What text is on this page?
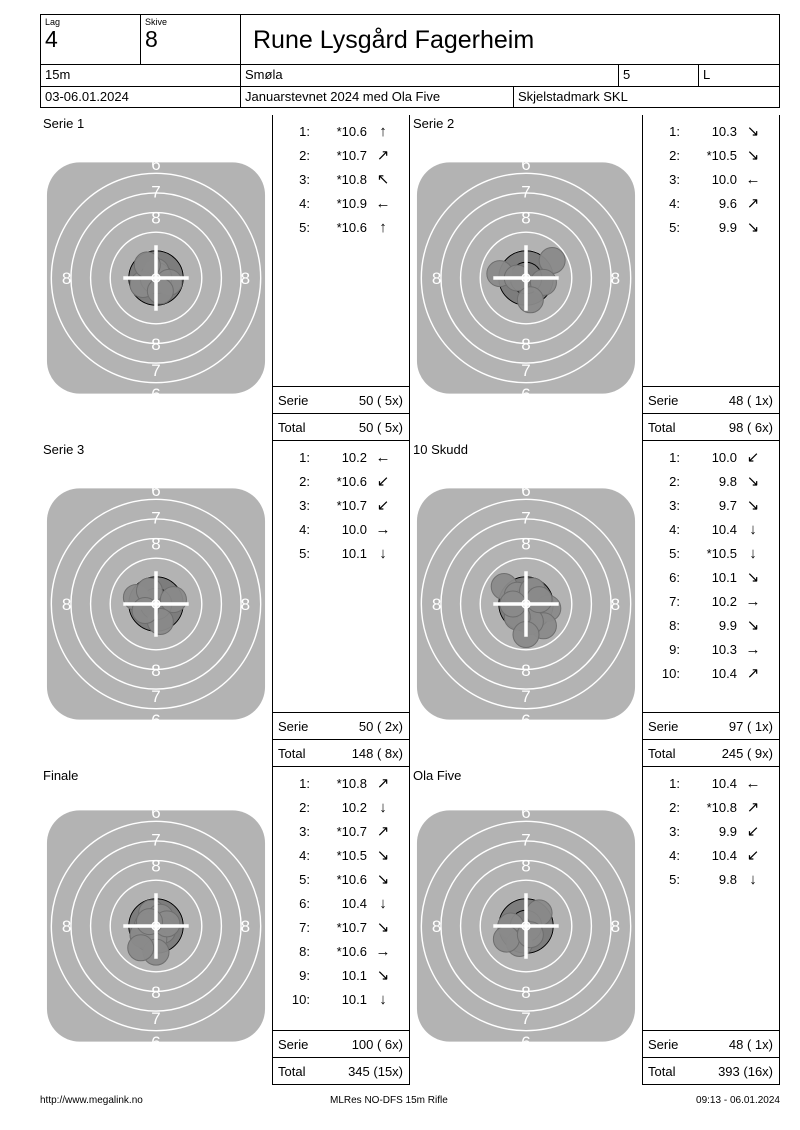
Lag
4
Skive
8	Rune Lysgård Fagerheim
15m	Smøla	5	L
03-06.01.2024	Januarstevnet 2024 med Ola Five	Skjelstadmark SKL
6
7
8
8	8
8
7
6
Serie 1	1:	*10.6 ↑
2:	*10.7 ↗
3:	*10.8 ↖
4:	*10.9 ←
5:	*10.6 ↑
Serie	50 ( 5x)
Total	50 ( 5x)
6
7
8
8	8
8
7
6
Serie 2	1:	10.3 ↘
2:	*10.5 ↘
3:	10.0 ←
4:	9.6 ↗
5:	9.9 ↘
Serie	48 ( 1x)
Total	98 ( 6x)
6
7
8
8	8
8
7
6
Serie 3	1:	10.2 ←
2:	*10.6 ↙
3:	*10.7 ↙
4:	10.0 →
5:	10.1 ↓
Serie	50 ( 2x)
Total	148 ( 8x)
6
7
8
8	8
8
7
6
10 Skudd	1:	10.0 ↙
2:	9.8 ↘
3:	9.7 ↘
4:	10.4 ↓
5:	*10.5 ↓
6:	10.1 ↘
7:	10.2 →
8:	9.9 ↘
9:	10.3 →
10:	10.4 ↗
Serie	97 ( 1x)
Total	245 ( 9x)
6
7
8
8	8
8
7
6
Finale	1:	*10.8 ↗
2:	10.2 ↓
3:	*10.7 ↗
4:	*10.5 ↘
5:	*10.6 ↘
6:	10.4 ↓
7:	*10.7 ↘
8:	*10.6 →
9:	10.1 ↘
10:	10.1 ↓
Serie	100 ( 6x)
Total	345 (15x)
6
7
8
8	8
8
7
6
Ola Five	1:	10.4 ←
2:	*10.8 ↗
3:	9.9 ↙
4:	10.4 ↙
5:	9.8 ↓
Serie	48 ( 1x)
Total	393 (16x)
http://www.megalink.no	MLRes NO-DFS 15m Rifle	09:13 - 06.01.2024
